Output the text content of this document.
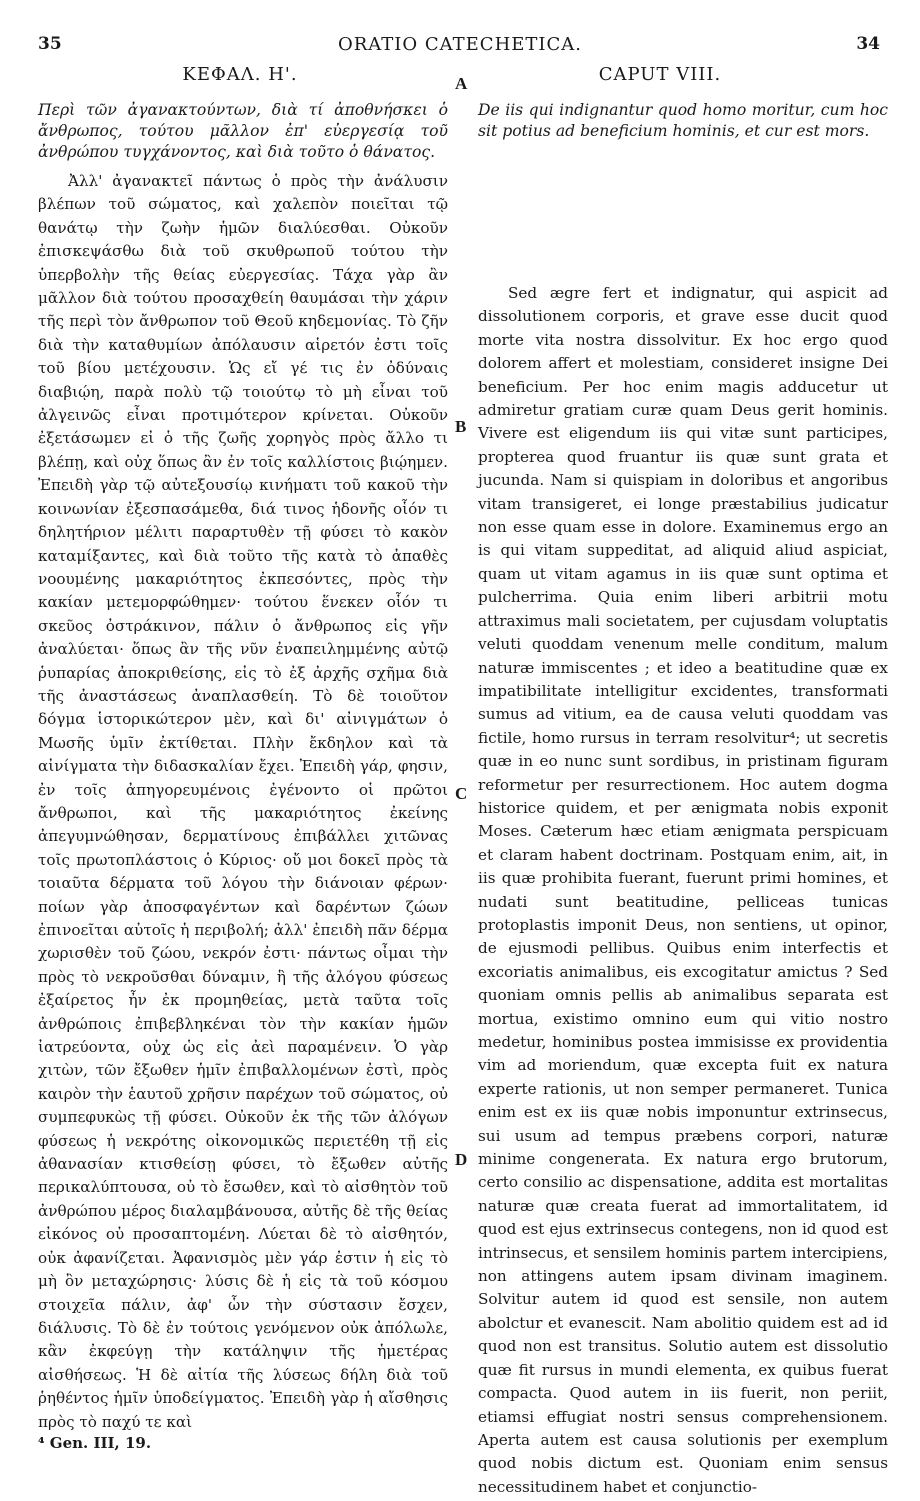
35	ORATIO CATECHETICA.	34
ΚΕΦΑΛ. Η'.	CAPUT VIII.
A
B
C
D
Περὶ τῶν ἀγανακτούντων, διὰ τί ἀποθνήσκει ὁ ἄνθρωπος, τούτου μᾶλλον ἐπ' εὐεργεσίᾳ τοῦ ἀνθρώπου τυγχάνοντος, καὶ διὰ τοῦτο ὁ θάνατος.
De iis qui indignantur quod homo moritur, cum hoc sit potius ad beneficium hominis, et cur est mors.

Ἀλλ' ἀγανακτεῖ πάντως ὁ πρὸς τὴν ἀνάλυσιν βλέπων τοῦ σώματος, καὶ χαλεπὸν ποιεῖται τῷ θανάτῳ τὴν ζωὴν ἡμῶν διαλύεσθαι. Οὐκοῦν ἐπισκεψάσθω διὰ τοῦ σκυθρωποῦ τούτου τὴν ὑπερβολὴν τῆς θείας εὐεργεσίας. Τάχα γὰρ ἂν μᾶλλον διὰ τούτου προσαχθείη θαυμάσαι τὴν χάριν τῆς περὶ τὸν ἄνθρωπον τοῦ Θεοῦ κηδεμονίας. Τὸ ζῆν διὰ τὴν καταθυμίων ἀπόλαυσιν αἱρετόν ἐστι τοῖς τοῦ βίου μετέχουσιν. Ὡς εἴ γέ τις ἐν ὀδύναις διαβιῴη, παρὰ πολὺ τῷ τοιούτῳ τὸ μὴ εἶναι τοῦ ἀλγεινῶς εἶναι προτιμότερον κρίνεται. Οὐκοῦν ἐξετάσωμεν εἰ ὁ τῆς ζωῆς χορηγὸς πρὸς ἄλλο τι βλέπῃ, καὶ οὐχ ὅπως ἂν ἐν τοῖς καλλίστοις βιῴημεν. Ἐπειδὴ γὰρ τῷ αὐτεξουσίῳ κινήματι τοῦ κακοῦ τὴν κοινωνίαν ἐξεσπασάμεθα, διά τινος ἡδονῆς οἷόν τι δηλητήριον μέλιτι παραρτυθὲν τῇ φύσει τὸ κακὸν καταμίξαντες, καὶ διὰ τοῦτο τῆς κατὰ τὸ ἀπαθὲς νοουμένης μακαριότητος ἐκπεσόντες, πρὸς τὴν κακίαν μετεμορφώθημεν· τούτου ἕνεκεν οἷόν τι σκεῦος ὀστράκινον, πάλιν ὁ ἄνθρωπος εἰς γῆν ἀναλύεται· ὅπως ἂν τῆς νῦν ἐναπειλημμένης αὐτῷ ῥυπαρίας ἀποκριθείσης, εἰς τὸ ἐξ ἀρχῆς σχῆμα διὰ τῆς ἀναστάσεως ἀναπλασθείη. Τὸ δὲ τοιοῦτον δόγμα ἱστορικώτερον μὲν, καὶ δι' αἰνιγμάτων ὁ Μωσῆς ὑμῖν ἐκτίθεται. Πλὴν ἔκδηλον καὶ τὰ αἰνίγματα τὴν διδασκαλίαν ἔχει. Ἐπειδὴ γάρ, φησιν, ἐν τοῖς ἀπηγορευμένοις ἐγένοντο οἱ πρῶτοι ἄνθρωποι, καὶ τῆς μακαριότητος ἐκείνης ἀπεγυμνώθησαν, δερματίνους ἐπιβάλλει χιτῶνας τοῖς πρωτοπλάστοις ὁ Κύριος· οὔ μοι δοκεῖ πρὸς τὰ τοιαῦτα δέρματα τοῦ λόγου τὴν διάνοιαν φέρων· ποίων γὰρ ἀποσφαγέντων καὶ δαρέντων ζώων ἐπινοεῖται αὐτοῖς ἡ περιβολή; ἀλλ' ἐπειδὴ πᾶν δέρμα χωρισθὲν τοῦ ζώου, νεκρόν ἐστι· πάντως οἶμαι τὴν πρὸς τὸ νεκροῦσθαι δύναμιν, ἣ τῆς ἀλόγου φύσεως ἐξαίρετος ἦν ἐκ προμηθείας, μετὰ ταῦτα τοῖς ἀνθρώποις ἐπιβεβληκέναι τὸν τὴν κακίαν ἡμῶν ἰατρεύοντα, οὐχ ὡς εἰς ἀεὶ παραμένειν. Ὁ γὰρ χιτὼν, τῶν ἔξωθεν ἡμῖν ἐπιβαλλομένων ἐστὶ, πρὸς καιρὸν τὴν ἑαυτοῦ χρῆσιν παρέχων τοῦ σώματος, οὐ συμπεφυκὼς τῇ φύσει. Οὐκοῦν ἐκ τῆς τῶν ἀλόγων φύσεως ἡ νεκρότης οἰκονομικῶς περιετέθη τῇ εἰς ἀθανασίαν κτισθείσῃ φύσει, τὸ ἔξωθεν αὐτῆς περικαλύπτουσα, οὐ τὸ ἔσωθεν, καὶ τὸ αἰσθητὸν τοῦ ἀνθρώπου μέρος διαλαμβάνουσα, αὐτῆς δὲ τῆς θείας εἰκόνος οὐ προσαπτομένη. Λύεται δὲ τὸ αἰσθητόν, οὐκ ἀφανίζεται. Ἀφανισμὸς μὲν γάρ ἐστιν ἡ εἰς τὸ μὴ ὂν μεταχώρησις· λύσις δὲ ἡ εἰς τὰ τοῦ κόσμου στοιχεῖα πάλιν, ἀφ' ὧν τὴν σύστασιν ἔσχεν, διάλυσις. Τὸ δὲ ἐν τούτοις γενόμενον οὐκ ἀπόλωλε, κἂν ἐκφεύγῃ τὴν κατάληψιν τῆς ἡμετέρας αἰσθήσεως. Ἡ δὲ αἰτία τῆς λύσεως δήλη διὰ τοῦ ῥηθέντος ἡμῖν ὑποδείγματος. Ἐπειδὴ γὰρ ἡ αἴσθησις πρὸς τὸ παχύ τε καὶ

Sed ægre fert et indignatur, qui aspicit ad dissolutionem corporis, et grave esse ducit quod morte vita nostra dissolvitur. Ex hoc ergo quod dolorem affert et molestiam, consideret insigne Dei beneficium. Per hoc enim magis adducetur ut admiretur gratiam curæ quam Deus gerit hominis. Vivere est eligendum iis qui vitæ sunt participes, propterea quod fruantur iis quæ sunt grata et jucunda. Nam si quispiam in doloribus et angoribus vitam transigeret, ei longe præstabilius judicatur non esse quam esse in dolore. Examinemus ergo an is qui vitam suppeditat, ad aliquid aliud aspiciat, quam ut vitam agamus in iis quæ sunt optima et pulcherrima. Quia enim liberi arbitrii motu attraximus mali societatem, per cujusdam voluptatis veluti quoddam venenum melle conditum, malum naturæ immiscentes ; et ideo a beatitudine quæ ex impatibilitate intelligitur excidentes, transformati sumus ad vitium, ea de causa veluti quoddam vas fictile, homo rursus in terram resolvitur⁴; ut secretis quæ in eo nunc sunt sordibus, in pristinam figuram reformetur per resurrectionem. Hoc autem dogma historice quidem, et per ænigmata nobis exponit Moses. Cæterum hæc etiam ænigmata perspicuam et claram habent doctrinam. Postquam enim, ait, in iis quæ prohibita fuerant, fuerunt primi homines, et nudati sunt beatitudine, pelliceas tunicas protoplastis imponit Deus, non sentiens, ut opinor, de ejusmodi pellibus. Quibus enim interfectis et excoriatis animalibus, eis excogitatur amictus ? Sed quoniam omnis pellis ab animalibus separata est mortua, existimo omnino eum qui vitio nostro medetur, hominibus postea immisisse ex providentia vim ad moriendum, quæ excepta fuit ex natura experte rationis, ut non semper permaneret. Tunica enim est ex iis quæ nobis imponuntur extrinsecus, sui usum ad tempus præbens corpori, naturæ minime congenerata. Ex natura ergo brutorum, certo consilio ac dispensatione, addita est mortalitas naturæ quæ creata fuerat ad immortalitatem, id quod est ejus extrinsecus contegens, non id quod est intrinsecus, et sensilem hominis partem intercipiens, non attingens autem ipsam divinam imaginem. Solvitur autem id quod est sensile, non autem abolctur et evanescit. Nam abolitio quidem est ad id quod non est transitus. Solutio autem est dissolutio quæ fit rursus in mundi elementa, ex quibus fuerat compacta. Quod autem in iis fuerit, non periit, etiamsi effugiat nostri sensus comprehensionem. Aperta autem est causa solutionis per exemplum quod nobis dictum est. Quoniam enim sensus necessitudinem habet et conjunctio-

⁴ Gen. III, 19.
